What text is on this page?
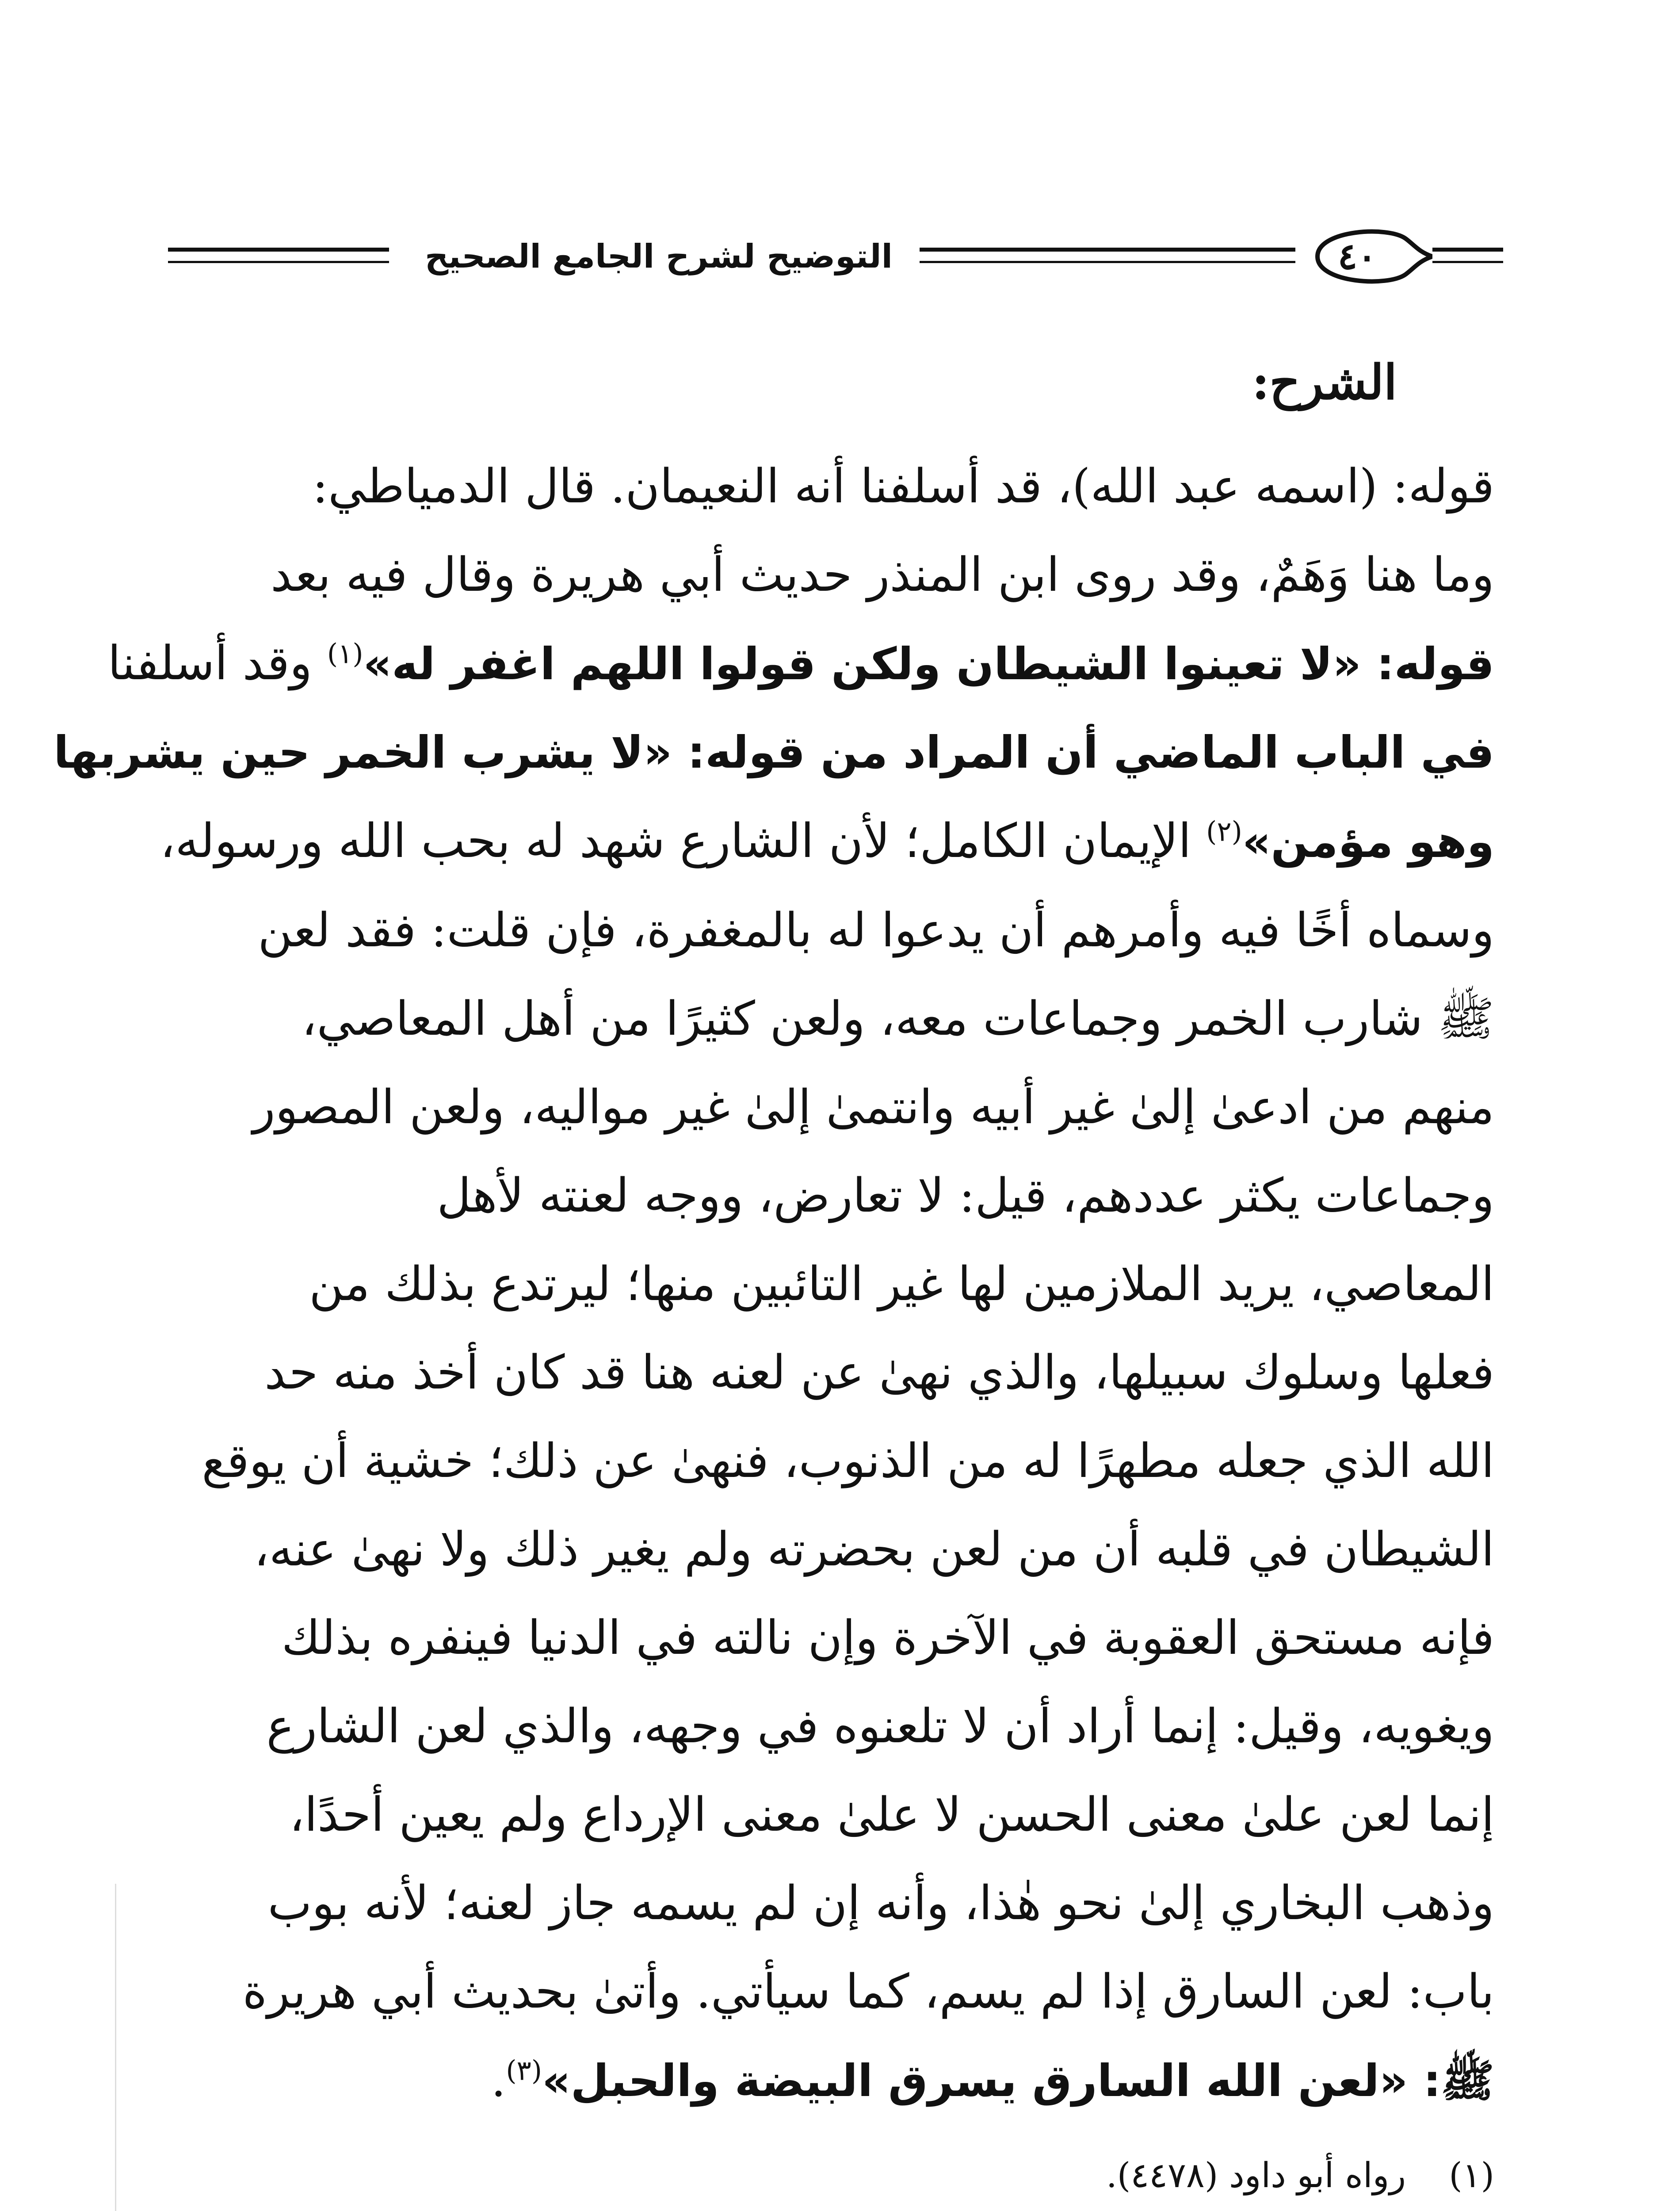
التوضيح لشرح الجامع الصحيح	٤٠
الشرح:
قوله: (اسمه عبد الله)، قد أسلفنا أنه النعيمان. قال الدمياطي:
وما هنا وَهَمٌ، وقد روى ابن المنذر حديث أبي هريرة وقال فيه بعد
قوله: «لا تعينوا الشيطان ولكن قولوا اللهم اغفر له»$^{(١)}$ وقد أسلفنا
في الباب الماضي أن المراد من قوله: «لا يشرب الخمر حين يشربها
وهو مؤمن»$^{(٢)}$ الإيمان الكامل؛ لأن الشارع شهد له بحب الله ورسوله،
وسماه أخًا فيه وأمرهم أن يدعوا له بالمغفرة، فإن قلت: فقد لعن
ﷺ شارب الخمر وجماعات معه، ولعن كثيرًا من أهل المعاصي،
منهم من ادعىٰ إلىٰ غير أبيه وانتمىٰ إلىٰ غير مواليه، ولعن المصور
وجماعات يكثر عددهم، قيل: لا تعارض، ووجه لعنته لأهل
المعاصي، يريد الملازمين لها غير التائبين منها؛ ليرتدع بذلك من
فعلها وسلوك سبيلها، والذي نهىٰ عن لعنه هنا قد كان أخذ منه حد
الله الذي جعله مطهرًا له من الذنوب، فنهىٰ عن ذلك؛ خشية أن يوقع
الشيطان في قلبه أن من لعن بحضرته ولم يغير ذلك ولا نهىٰ عنه،
فإنه مستحق العقوبة في الآخرة وإن نالته في الدنيا فينفره بذلك
ويغويه، وقيل: إنما أراد أن لا تلعنوه في وجهه، والذي لعن الشارع
إنما لعن علىٰ معنى الحسن لا علىٰ معنى الإرداع ولم يعين أحدًا،
وذهب البخاري إلىٰ نحو هٰذا، وأنه إن لم يسمه جاز لعنه؛ لأنه بوب
باب: لعن السارق إذا لم يسم، كما سيأتي. وأتىٰ بحديث أبي هريرة
ﷺ: «لعن الله السارق يسرق البيضة والحبل»$^{(٣)}$.
(١)
رواه أبو داود (٤٤٧٨).
